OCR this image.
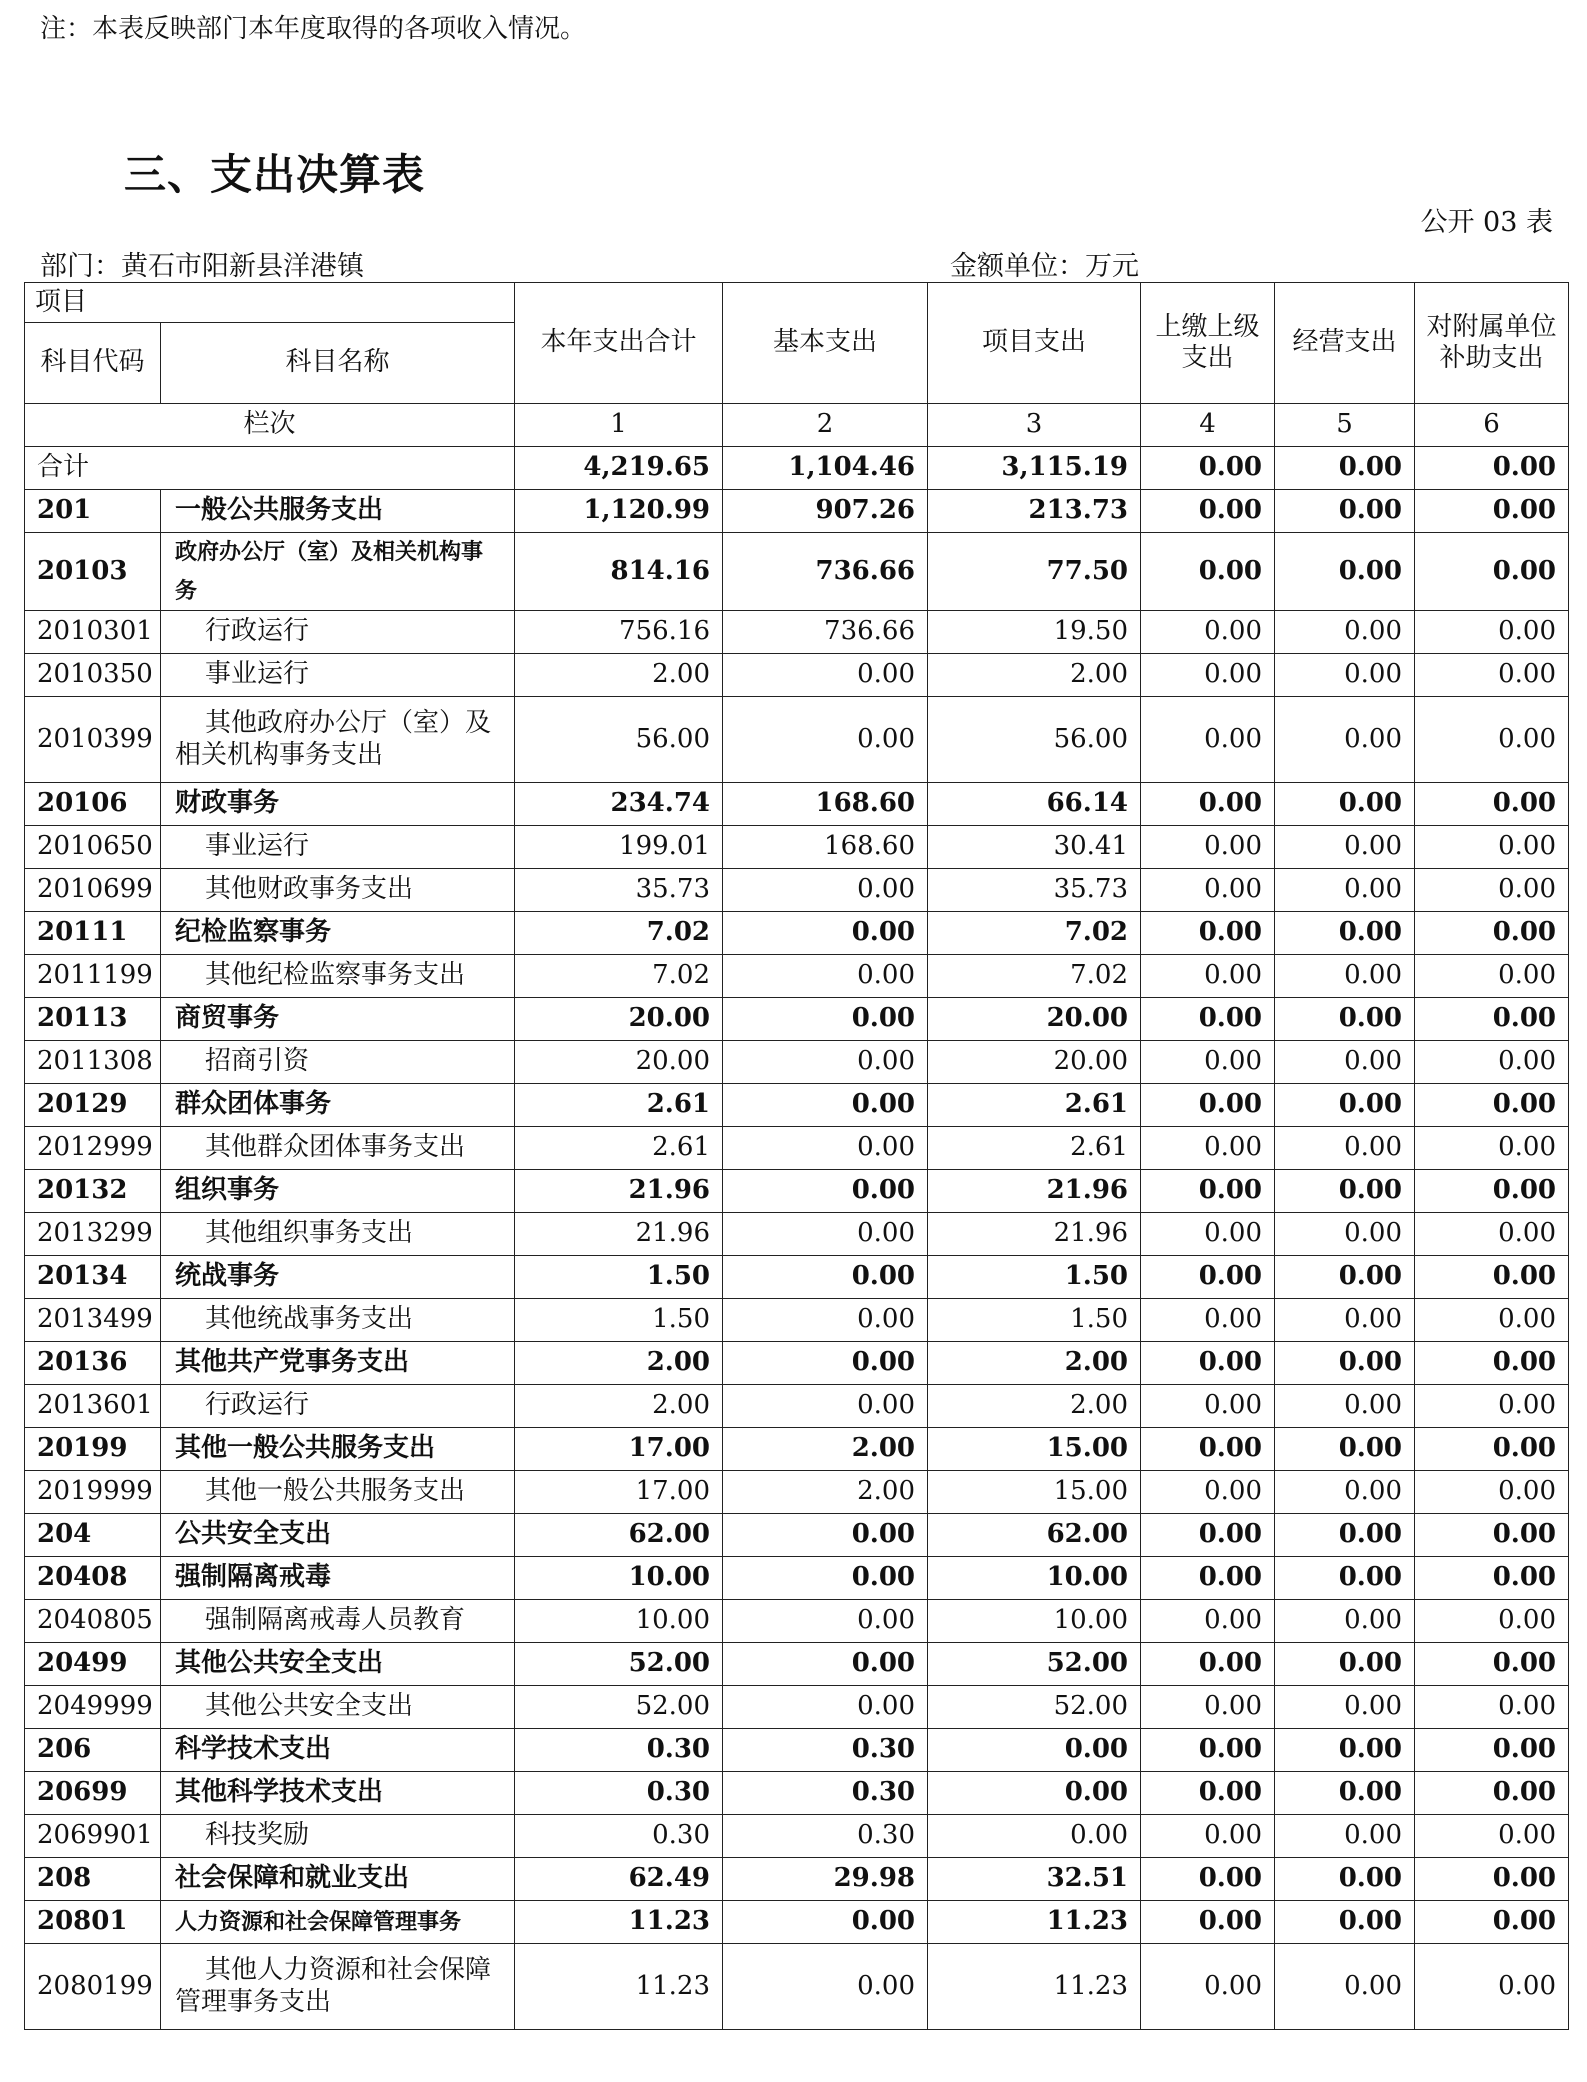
注：本表反映部门本年度取得的各项收入情况。
三、支出决算表
公开 03 表
部门：黄石市阳新县洋港镇	金额单位：万元
项目		本年支出合计	基本支出	项目支出	上缴上级支出	经营支出	对附属单位补助支出
科目代码	科目名称						
栏次		1	2	3	4	5	6
合计		4,219.65	1,104.46	3,115.19	0.00	0.00	0.00
201	一般公共服务支出	1,120.99	907.26	213.73	0.00	0.00	0.00
20103	政府办公厅（室）及相关机构事务	814.16	736.66	77.50	0.00	0.00	0.00
2010301	行政运行	756.16	736.66	19.50	0.00	0.00	0.00
2010350	事业运行	2.00	0.00	2.00	0.00	0.00	0.00
2010399	其他政府办公厅（室）及相关机构事务支出	56.00	0.00	56.00	0.00	0.00	0.00
20106	财政事务	234.74	168.60	66.14	0.00	0.00	0.00
2010650	事业运行	199.01	168.60	30.41	0.00	0.00	0.00
2010699	其他财政事务支出	35.73	0.00	35.73	0.00	0.00	0.00
20111	纪检监察事务	7.02	0.00	7.02	0.00	0.00	0.00
2011199	其他纪检监察事务支出	7.02	0.00	7.02	0.00	0.00	0.00
20113	商贸事务	20.00	0.00	20.00	0.00	0.00	0.00
2011308	招商引资	20.00	0.00	20.00	0.00	0.00	0.00
20129	群众团体事务	2.61	0.00	2.61	0.00	0.00	0.00
2012999	其他群众团体事务支出	2.61	0.00	2.61	0.00	0.00	0.00
20132	组织事务	21.96	0.00	21.96	0.00	0.00	0.00
2013299	其他组织事务支出	21.96	0.00	21.96	0.00	0.00	0.00
20134	统战事务	1.50	0.00	1.50	0.00	0.00	0.00
2013499	其他统战事务支出	1.50	0.00	1.50	0.00	0.00	0.00
20136	其他共产党事务支出	2.00	0.00	2.00	0.00	0.00	0.00
2013601	行政运行	2.00	0.00	2.00	0.00	0.00	0.00
20199	其他一般公共服务支出	17.00	2.00	15.00	0.00	0.00	0.00
2019999	其他一般公共服务支出	17.00	2.00	15.00	0.00	0.00	0.00
204	公共安全支出	62.00	0.00	62.00	0.00	0.00	0.00
20408	强制隔离戒毒	10.00	0.00	10.00	0.00	0.00	0.00
2040805	强制隔离戒毒人员教育	10.00	0.00	10.00	0.00	0.00	0.00
20499	其他公共安全支出	52.00	0.00	52.00	0.00	0.00	0.00
2049999	其他公共安全支出	52.00	0.00	52.00	0.00	0.00	0.00
206	科学技术支出	0.30	0.30	0.00	0.00	0.00	0.00
20699	其他科学技术支出	0.30	0.30	0.00	0.00	0.00	0.00
2069901	科技奖励	0.30	0.30	0.00	0.00	0.00	0.00
208	社会保障和就业支出	62.49	29.98	32.51	0.00	0.00	0.00
20801	人力资源和社会保障管理事务	11.23	0.00	11.23	0.00	0.00	0.00
2080199	其他人力资源和社会保障管理事务支出	11.23	0.00	11.23	0.00	0.00	0.00
